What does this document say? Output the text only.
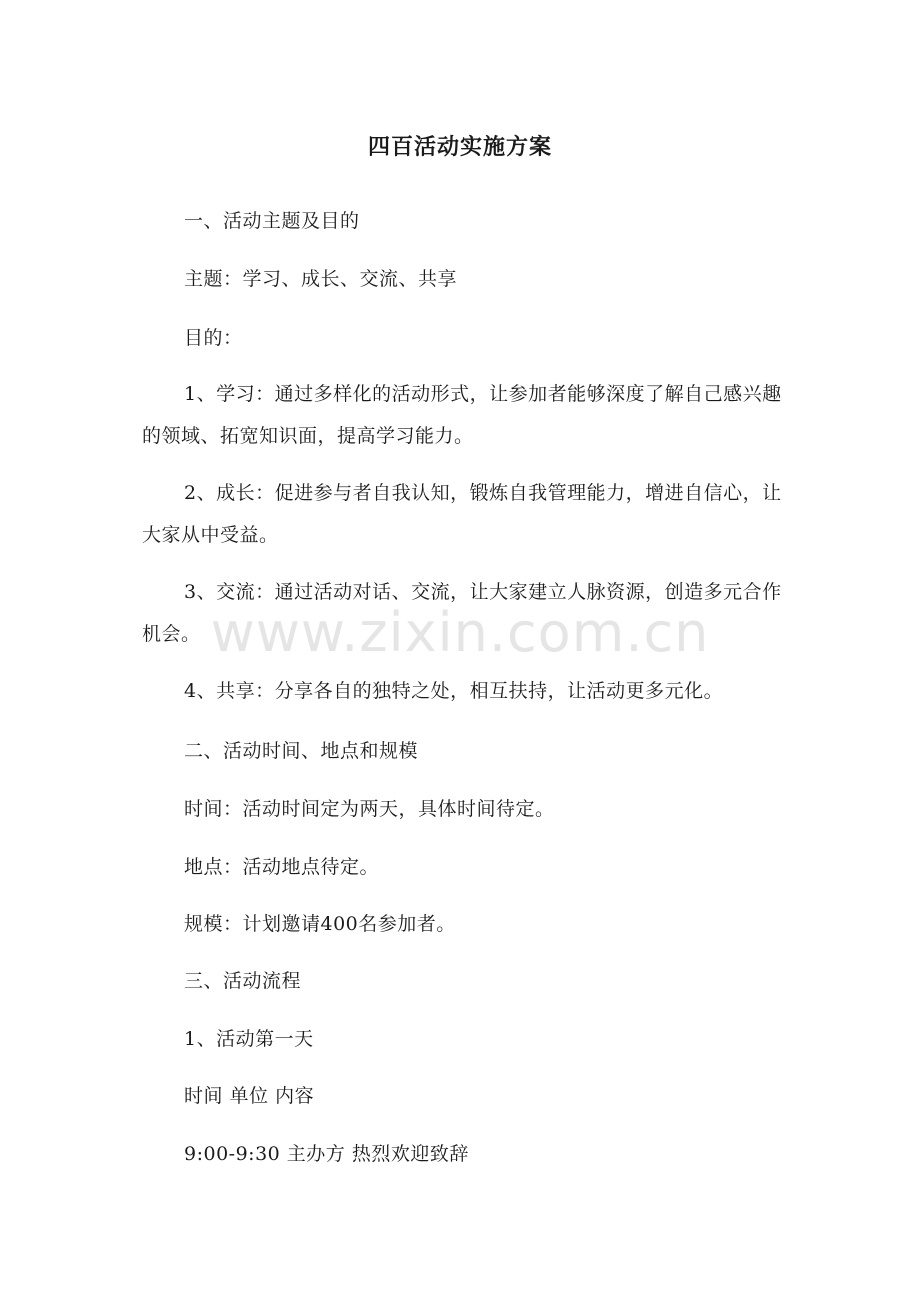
四百活动实施方案
一、活动主题及目的
主题：学习、成长、交流、共享
目的：
1、学习：通过多样化的活动形式，让参加者能够深度了解自己感兴趣的领域、拓宽知识面，提高学习能力。
2、成长：促进参与者自我认知，锻炼自我管理能力，增进自信心，让大家从中受益。
3、交流：通过活动对话、交流，让大家建立人脉资源，创造多元合作机会。
4、共享：分享各自的独特之处，相互扶持，让活动更多元化。
二、活动时间、地点和规模
时间：活动时间定为两天，具体时间待定。
地点：活动地点待定。
规模：计划邀请400名参加者。
三、活动流程
1、活动第一天
时间 单位 内容
9:00-9:30 主办方 热烈欢迎致辞
www.zixin.com.cn
